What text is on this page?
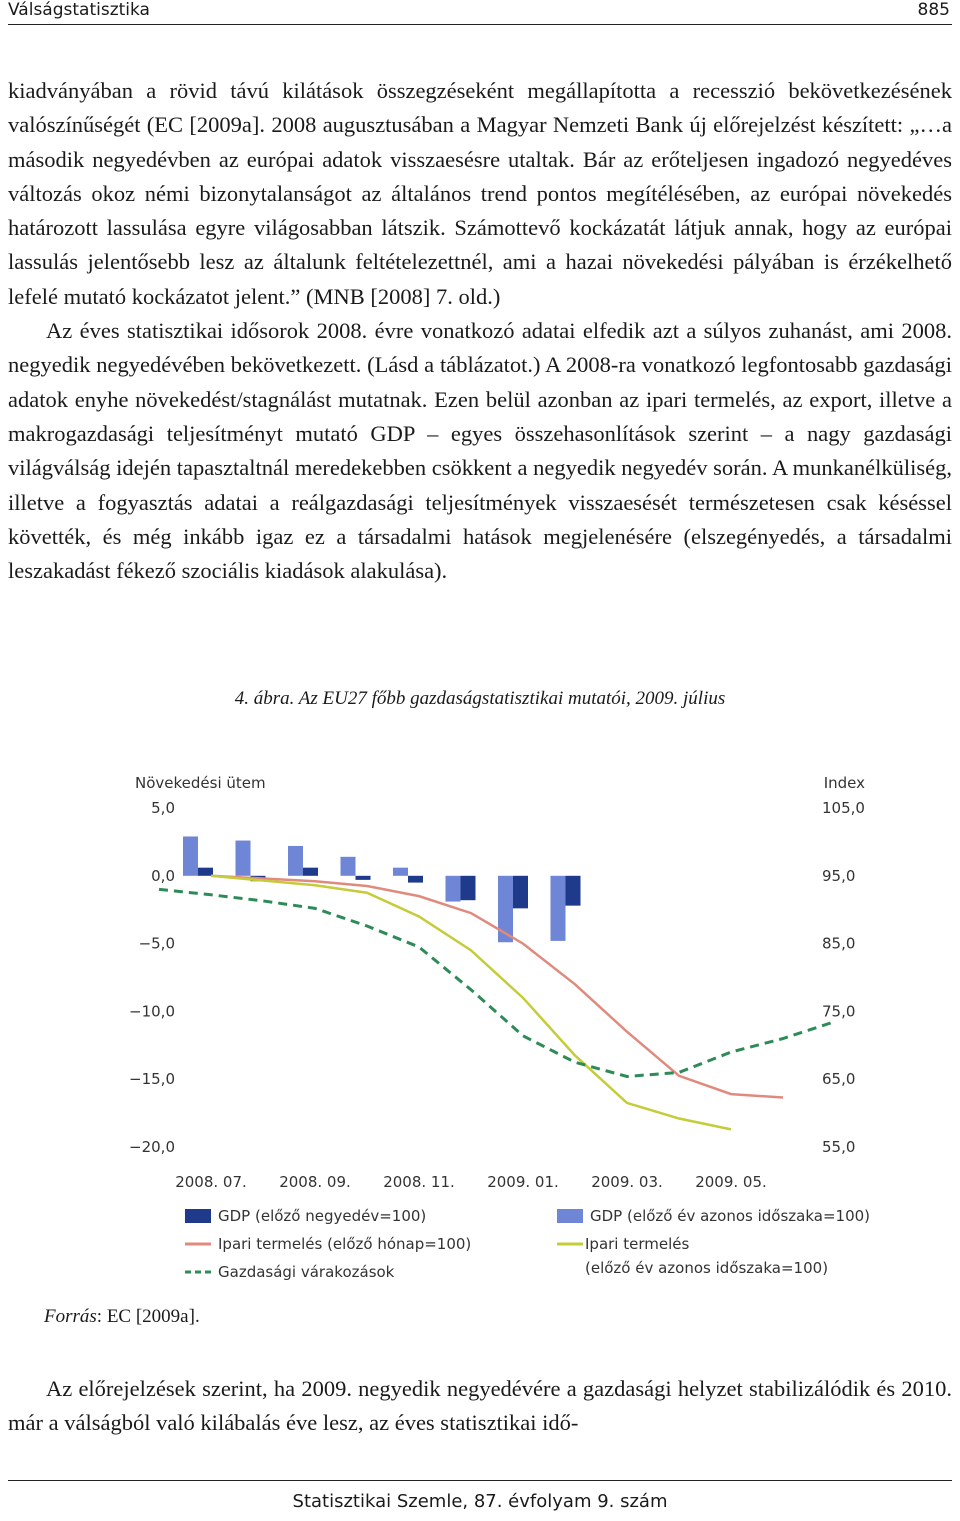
Válságstatisztika	885

kiadványában a rövid távú kilátások összegzéseként megállapította a recesszió bekövetkezésének valószínűségét (EC [2009a]. 2008 augusztusában a Magyar Nemzeti Bank új előrejelzést készített: „…a második negyedévben az európai adatok visszaesésre utaltak. Bár az erőteljesen ingadozó negyedéves változás okoz némi bizonytalanságot az általános trend pontos megítélésében, az európai növekedés határozott lassulása egyre világosabban látszik. Számottevő kockázatát látjuk annak, hogy az európai lassulás jelentősebb lesz az általunk feltételezettnél, ami a hazai növekedési pályában is érzékelhető lefelé mutató kockázatot jelent.” (MNB [2008] 7. old.)

Az éves statisztikai idősorok 2008. évre vonatkozó adatai elfedik azt a súlyos zuhanást, ami 2008. negyedik negyedévében bekövetkezett. (Lásd a táblázatot.) A 2008-ra vonatkozó legfontosabb gazdasági adatok enyhe növekedést/stagnálást mutatnak. Ezen belül azonban az ipari termelés, az export, illetve a makrogazdasági teljesítményt mutató GDP – egyes összehasonlítások szerint – a nagy gazdasági világválság idején tapasztaltnál meredekebben csökkent a negyedik negyedév során. A munkanélküliség, illetve a fogyasztás adatai a reálgazdasági teljesítmények visszaesését természetesen csak késéssel követték, és még inkább igaz ez a társadalmi hatások megjelenésére (elszegényedés, a társadalmi leszakadást fékező szociális kiadások alakulása).

4. ábra. Az EU27 főbb gazdaságstatisztikai mutatói, 2009. július
Növekedési ütem	Index
5,0
0,0
−5,0
−10,0
−15,0
−20,0
105,0
95,0
85,0
75,0
65,0
55,0
2008. 07. 2008. 09. 2008. 11. 2009. 01. 2009. 03. 2009. 05.
GDP (előző negyedév=100)	GDP (előző év azonos időszaka=100)
Ipari termelés (előző hónap=100)	Ipari termelés
(előző év azonos időszaka=100)
Gazdasági várakozások
Forrás: EC [2009a].

Az előrejelzések szerint, ha 2009. negyedik negyedévére a gazdasági helyzet stabilizálódik és 2010. már a válságból való kilábalás éve lesz, az éves statisztikai idő-

Statisztikai Szemle, 87. évfolyam 9. szám
